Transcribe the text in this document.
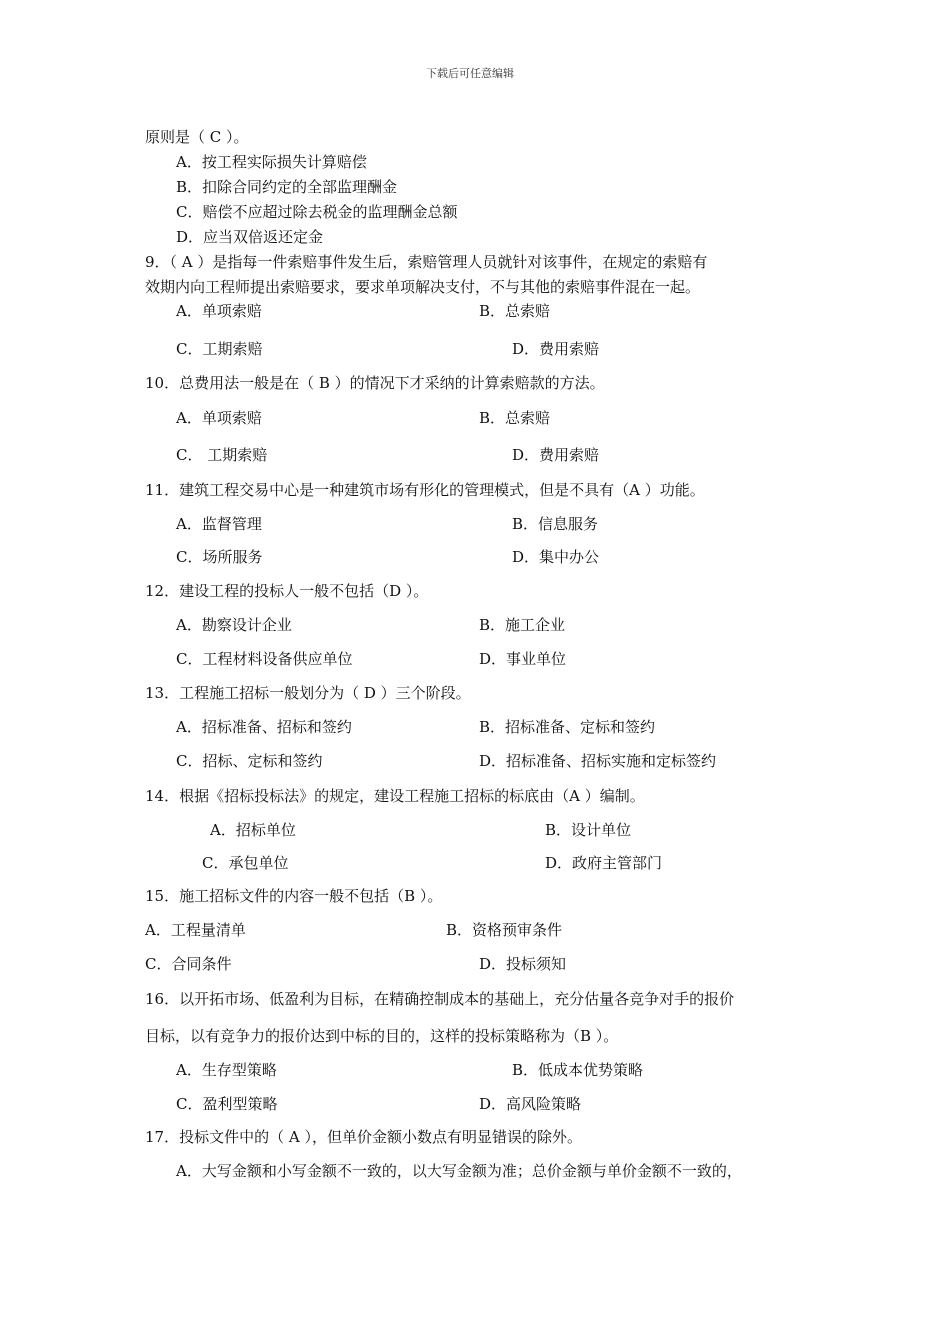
下载后可任意编辑
原则是（ C ）。
A．按工程实际损失计算赔偿
B．扣除合同约定的全部监理酬金
C．赔偿不应超过除去税金的监理酬金总额
D．应当双倍返还定金
9．（ A ）是指每一件索赔事件发生后，索赔管理人员就针对该事件，在规定的索赔有
效期内向工程师提出索赔要求，要求单项解决支付，不与其他的索赔事件混在一起。
A．单项索赔	B．总索赔
C．工期索赔	D．费用索赔
10．总费用法一般是在（ B ）的情况下才采纳的计算索赔款的方法。
A．单项索赔	B．总索赔
C． 工期索赔	D．费用索赔
11．建筑工程交易中心是一种建筑市场有形化的管理模式，但是不具有（A ）功能。
A．监督管理	B．信息服务
C．场所服务	D．集中办公
12．建设工程的投标人一般不包括（D ）。
A．勘察设计企业	B．施工企业
C．工程材料设备供应单位	D．事业单位
13．工程施工招标一般划分为（ D ）三个阶段。
A．招标准备、招标和签约	B．招标准备、定标和签约
C．招标、定标和签约	D．招标准备、招标实施和定标签约
14．根据《招标投标法》的规定，建设工程施工招标的标底由（A ）编制。
A．招标单位	B．设计单位
C．承包单位	D．政府主管部门
15．施工招标文件的内容一般不包括（B ）。
A．工程量清单	B．资格预审条件
C．合同条件	D．投标须知
16．以开拓市场、低盈利为目标，在精确控制成本的基础上，充分估量各竞争对手的报价
目标，以有竞争力的报价达到中标的目的，这样的投标策略称为（B ）。
A．生存型策略	B．低成本优势策略
C．盈利型策略	D．高风险策略
17．投标文件中的（ A ），但单价金额小数点有明显错误的除外。
A．大写金额和小写金额不一致的，以大写金额为准；总价金额与单价金额不一致的，
